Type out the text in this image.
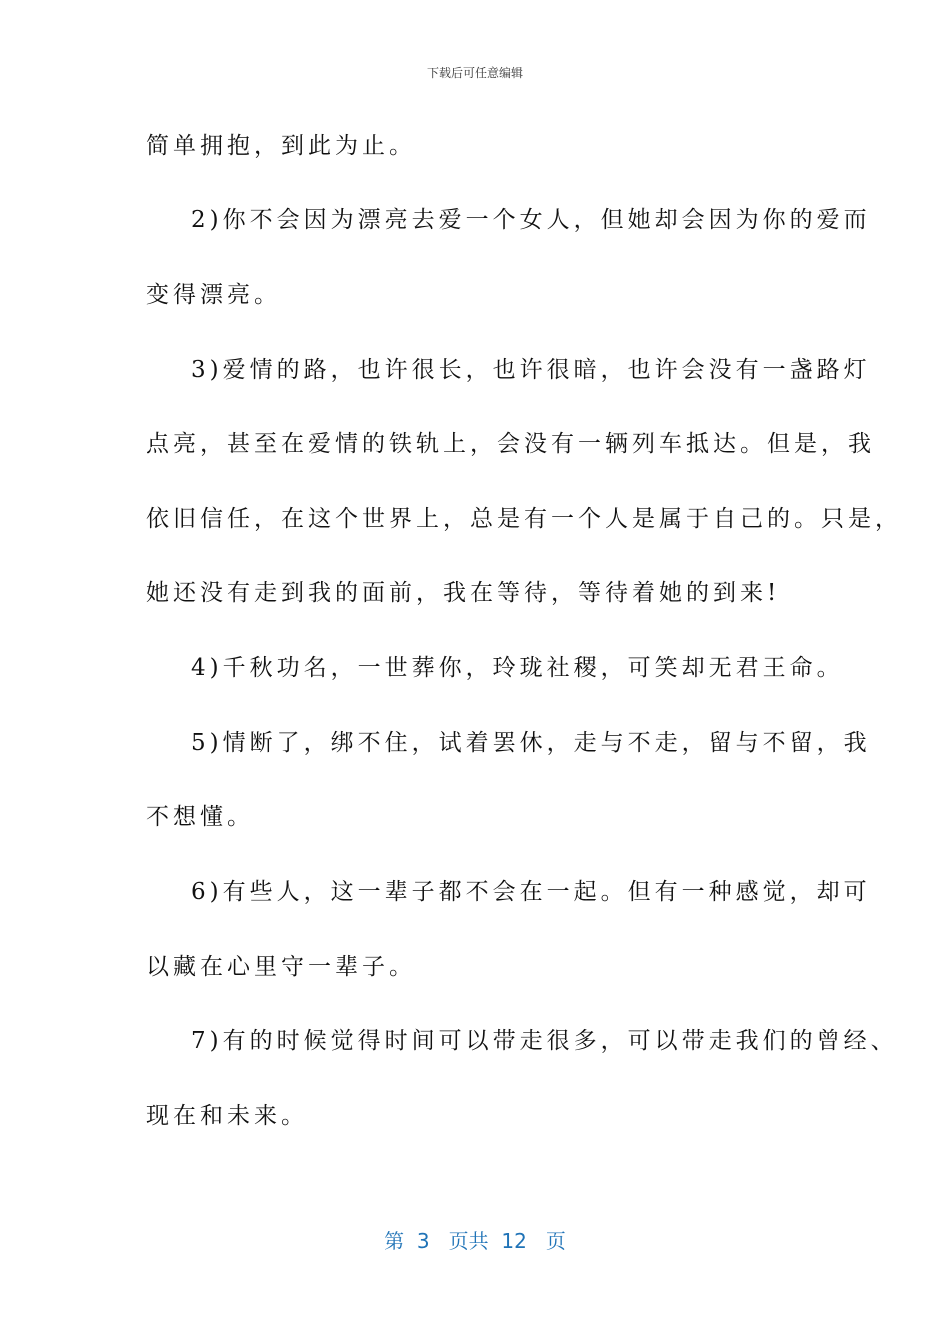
下载后可任意编辑
简单拥抱，到此为止。
2)你不会因为漂亮去爱一个女人，但她却会因为你的爱而
变得漂亮。
3)爱情的路，也许很长，也许很暗，也许会没有一盏路灯
点亮，甚至在爱情的铁轨上，会没有一辆列车抵达。但是，我
依旧信任，在这个世界上，总是有一个人是属于自己的。只是，
她还没有走到我的面前，我在等待，等待着她的到来!
4)千秋功名，一世葬你，玲珑社稷，可笑却无君王命。
5)情断了，绑不住，试着罢休，走与不走，留与不留，我
不想懂。
6)有些人，这一辈子都不会在一起。但有一种感觉，却可
以藏在心里守一辈子。
7)有的时候觉得时间可以带走很多，可以带走我们的曾经、
现在和未来。
第 3 页共 12 页
